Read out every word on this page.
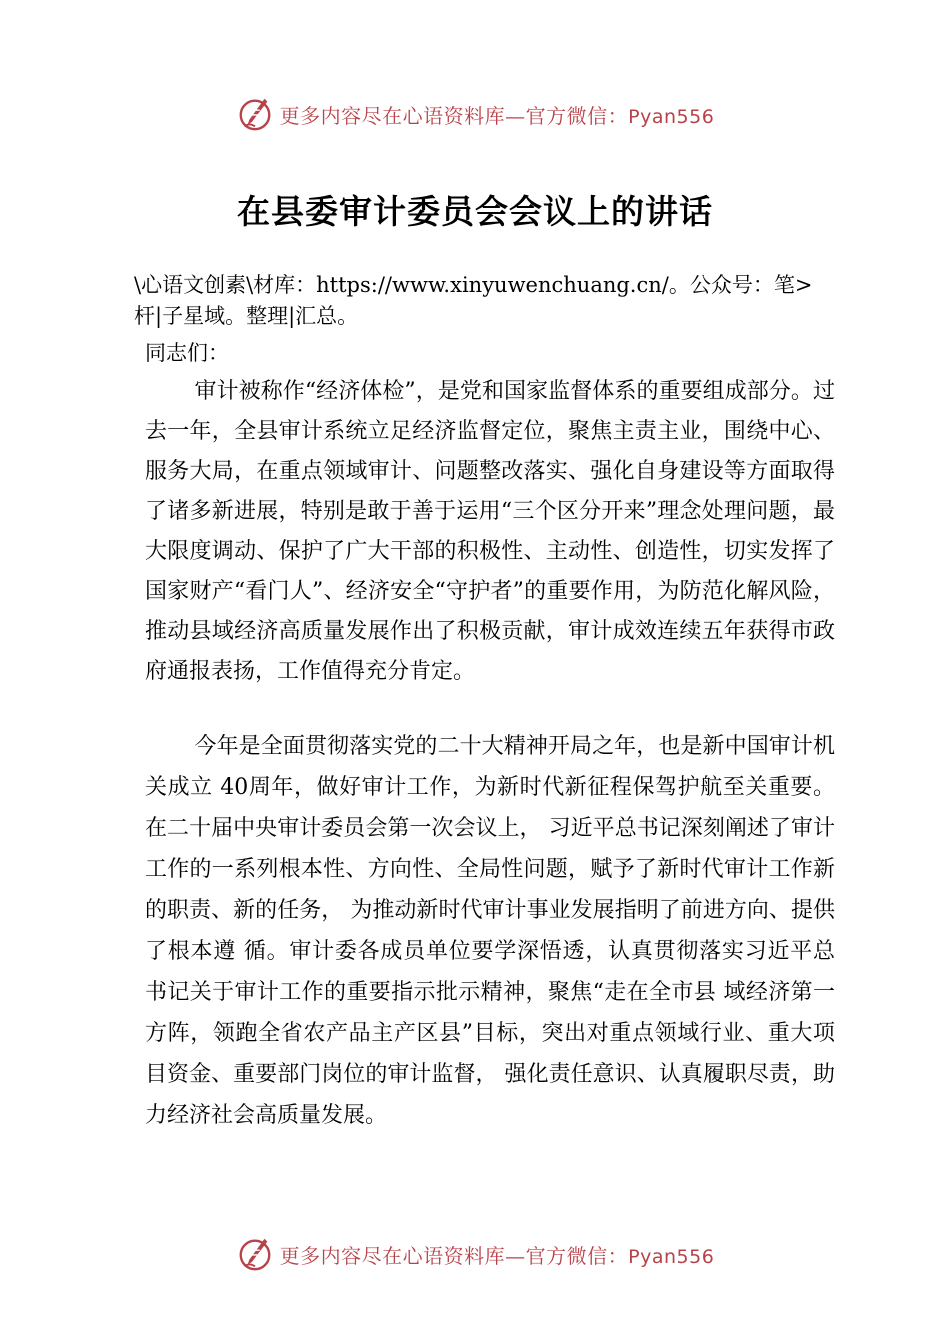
更多内容尽在心语资料库—官方微信：Pyan556
在县委审计委员会会议上的讲话

\心语文创素\材库：https://www.xinyuwenchuang.cn/。公众号：笔>杆|子星域。整理|汇总。

同志们：

审计被称作“经济体检”，是党和国家监督体系的重要组成部分。过去一年，全县审计系统立足经济监督定位，聚焦主责主业，围绕中心、服务大局，在重点领域审计、问题整改落实、强化自身建设等方面取得了诸多新进展，特别是敢于善于运用“三个区分开来”理念处理问题，最大限度调动、保护了广大干部的积极性、主动性、创造性，切实发挥了国家财产“看门人”、经济安全“守护者”的重要作用，为防范化解风险，推动县域经济高质量发展作出了积极贡献，审计成效连续五年获得市政府通报表扬，工作值得充分肯定。

今年是全面贯彻落实党的二十大精神开局之年，也是新中国审计机关成立 40周年，做好审计工作，为新时代新征程保驾护航至关重要。在二十届中央审计委员会第一次会议上， 习近平总书记深刻阐述了审计工作的一系列根本性、方向性、全局性问题，赋予了新时代审计工作新的职责、新的任务， 为推动新时代审计事业发展指明了前进方向、提供了根本遵 循。审计委各成员单位要学深悟透，认真贯彻落实习近平总 书记关于审计工作的重要指示批示精神，聚焦“走在全市县 域经济第一方阵，领跑全省农产品主产区县”目标，突出对重点领域行业、重大项目资金、重要部门岗位的审计监督， 强化责任意识、认真履职尽责，助力经济社会高质量发展。

更多内容尽在心语资料库—官方微信：Pyan556
